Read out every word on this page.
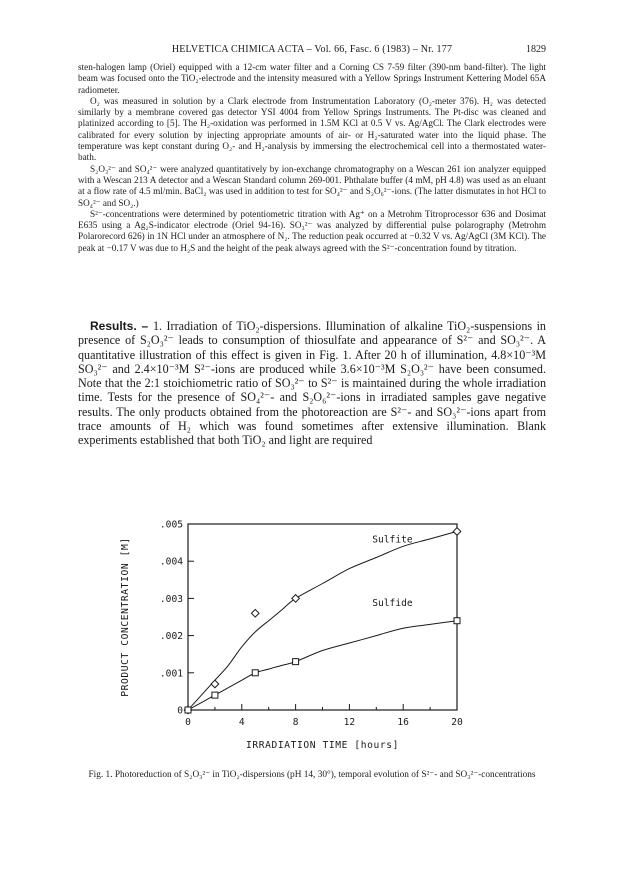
HELVETICA CHIMICA ACTA – Vol. 66, Fasc. 6 (1983) – Nr. 177	1829

sten-halogen lamp (Oriel) equipped with a 12-cm water filter and a Corning CS 7-59 filter (390-nm band-filter). The light beam was focused onto the TiO₂-electrode and the intensity measured with a Yellow Springs Instrument Kettering Model 65A radiometer.

O₂ was measured in solution by a Clark electrode from Instrumentation Laboratory (O₂-meter 376). H₂ was detected similarly by a membrane covered gas detector YSI 4004 from Yellow Springs Instruments. The Pt-disc was cleaned and platinized according to [5]. The H₂-oxidation was performed in 1.5M KCl at 0.5 V vs. Ag/AgCl. The Clark electrodes were calibrated for every solution by injecting appropriate amounts of air- or H₂-saturated water into the liquid phase. The temperature was kept constant during O₂- and H₂-analysis by immersing the electrochemical cell into a thermostated water-bath.

S₂O₃²⁻ and SO₄²⁻ were analyzed quantitatively by ion-exchange chromatography on a Wescan 261 ion analyzer equipped with a Wescan 213 A detector and a Wescan Standard column 269-001. Phthalate buffer (4 mM, pH 4.8) was used as an eluant at a flow rate of 4.5 ml/min. BaCl₂ was used in addition to test for SO₄²⁻ and S₂O₆²⁻-ions. (The latter dismutates in hot HCl to SO₄²⁻ and SO₂.)

S²⁻-concentrations were determined by potentiometric titration with Ag⁺ on a Metrohm Titroprocessor 636 and Dosimat E635 using a Ag₂S-indicator electrode (Oriel 94-16). SO₃²⁻ was analyzed by differential pulse polarography (Metrohm Polarorecord 626) in 1N HCl under an atmosphere of N₂. The reduction peak occurred at −0.32 V vs. Ag/AgCl (3M KCl). The peak at −0.17 V was due to H₂S and the height of the peak always agreed with the S²⁻-concentration found by titration.

Results. – 1. Irradiation of TiO₂-dispersions. Illumination of alkaline TiO₂-suspensions in presence of S₂O₃²⁻ leads to consumption of thiosulfate and appearance of S²⁻ and SO₃²⁻. A quantitative illustration of this effect is given in Fig. 1. After 20 h of illumination, 4.8×10⁻³M SO₃²⁻ and 2.4×10⁻³M S²⁻-ions are produced while 3.6×10⁻³M S₂O₃²⁻ have been consumed. Note that the 2:1 stoichiometric ratio of SO₃²⁻ to S²⁻ is maintained during the whole irradiation time. Tests for the presence of SO₄²⁻- and S₂O₆²⁻-ions in irradiated samples gave negative results. The only products obtained from the photoreaction are S²⁻- and SO₃²⁻-ions apart from trace amounts of H₂ which was found sometimes after extensive illumination. Blank experiments established that both TiO₂ and light are required

.001
.002
.003
.004
.005
0
0	4	8	12	16	20
IRRADIATION TIME [hours]
PRODUCT CONCENTRATION [M]	Sulfite
Sulfide
Fig. 1. Photoreduction of S₂O₃²⁻ in TiO₂-dispersions (pH 14, 30°), temporal evolution of S²⁻- and SO₃²⁻-concentrations
